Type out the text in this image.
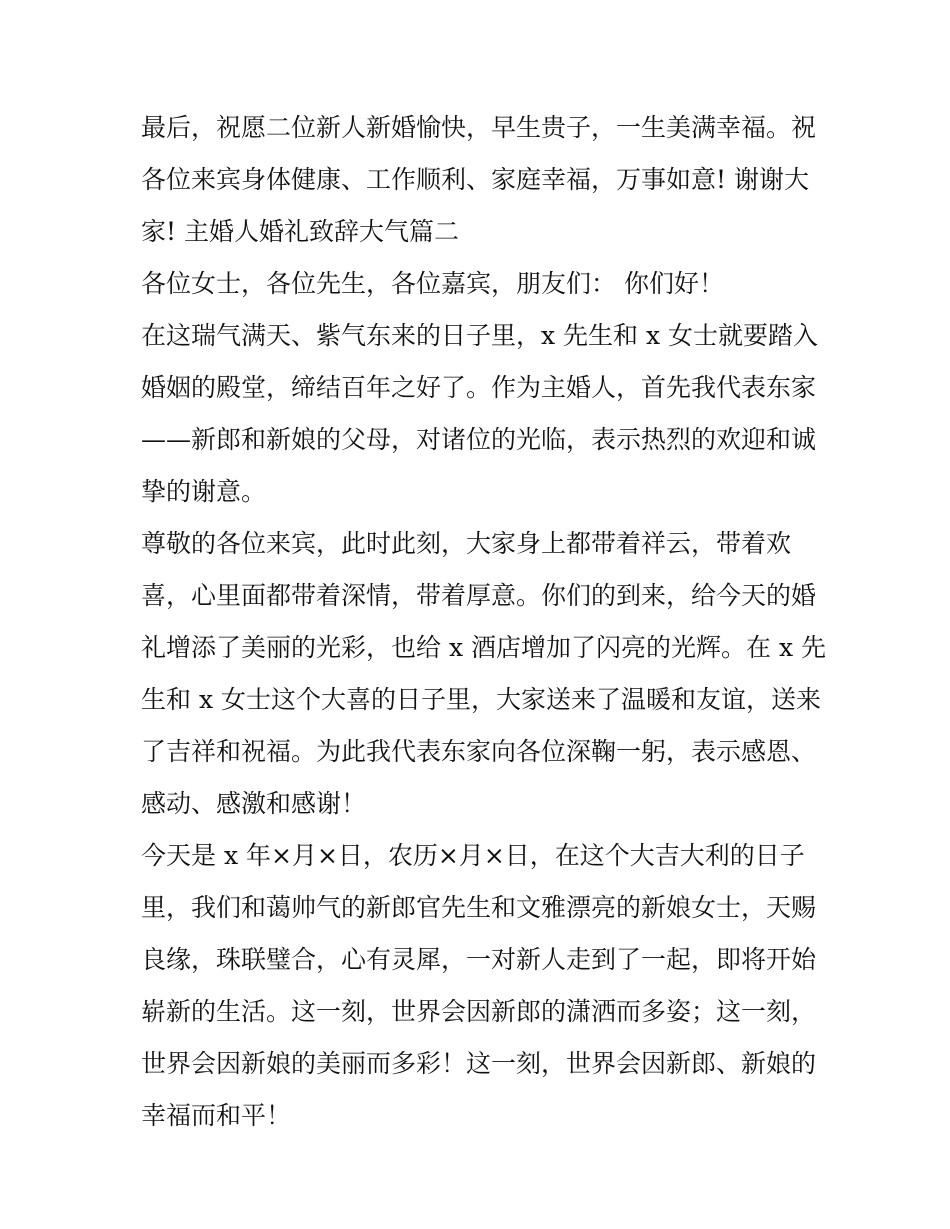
最后，祝愿二位新人新婚愉快，早生贵子，一生美满幸福。祝
各位来宾身体健康、工作顺利、家庭幸福，万事如意! 谢谢大
家! 主婚人婚礼致辞大气篇二
各位女士，各位先生，各位嘉宾，朋友们： 你们好！
在这瑞气满天、紫气东来的日子里，x 先生和 x 女士就要踏入
婚姻的殿堂，缔结百年之好了。作为主婚人，首先我代表东家
——新郎和新娘的父母，对诸位的光临，表示热烈的欢迎和诚
挚的谢意。
尊敬的各位来宾，此时此刻，大家身上都带着祥云，带着欢
喜，心里面都带着深情，带着厚意。你们的到来，给今天的婚
礼增添了美丽的光彩，也给 x 酒店增加了闪亮的光辉。在 x 先
生和 x 女士这个大喜的日子里，大家送来了温暖和友谊，送来
了吉祥和祝福。为此我代表东家向各位深鞠一躬，表示感恩、
感动、感激和感谢！
今天是 x 年×月×日，农历×月×日，在这个大吉大利的日子
里，我们和蔼帅气的新郎官先生和文雅漂亮的新娘女士，天赐
良缘，珠联璧合，心有灵犀，一对新人走到了一起，即将开始
崭新的生活。这一刻，世界会因新郎的潇洒而多姿；这一刻，
世界会因新娘的美丽而多彩！这一刻，世界会因新郎、新娘的
幸福而和平！
